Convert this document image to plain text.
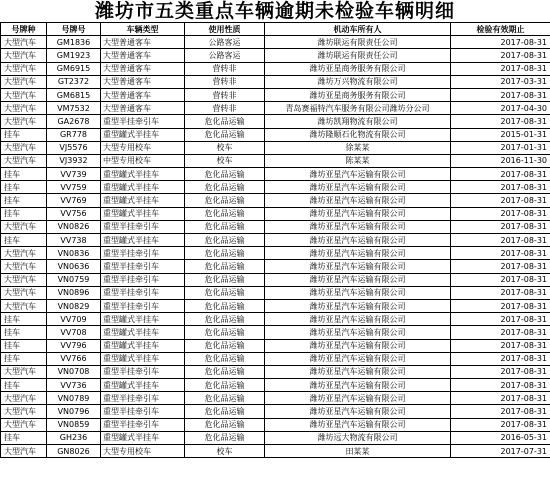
潍坊市五类重点车辆逾期未检验车辆明细
号牌种	号牌号	车辆类型	使用性质	机动车所有人	检验有效期止
大型汽车	GM1836	大型普通客车	公路客运	潍坊联运有限责任公司	2017-08-31
大型汽车	GM1923	大型普通客车	公路客运	潍坊联运有限责任公司	2017-08-31
大型汽车	GM6915	大型普通客车	营转非	潍坊亚星商务服务有限公司	2017-08-31
大型汽车	GT2372	大型普通客车	营转非	潍坊万兴物流有限公司	2017-03-31
大型汽车	GM6815	大型普通客车	营转非	潍坊亚星商务服务有限公司	2017-08-31
大型汽车	VM7532	大型普通客车	营转非	青岛赛福特汽车服务有限公司潍坊分公司	2017-04-30
大型汽车	GA2678	重型半挂牵引车	危化品运输	潍坊凯翔物流有限公司	2017-08-31
挂车	GR778	重型罐式半挂车	危化品运输	潍坊隆顺石化物流有限公司	2015-01-31
大型汽车	VJ5576	大型专用校车	校车	徐某某	2017-01-31
大型汽车	VJ3932	中型专用校车	校车	陈某某	2016-11-30
挂车	VV739	重型罐式半挂车	危化品运输	潍坊亚星汽车运输有限公司	2017-08-31
挂车	VV759	重型罐式半挂车	危化品运输	潍坊亚星汽车运输有限公司	2017-08-31
挂车	VV769	重型罐式半挂车	危化品运输	潍坊亚星汽车运输有限公司	2017-08-31
挂车	VV756	重型罐式半挂车	危化品运输	潍坊亚星汽车运输有限公司	2017-08-31
大型汽车	VN0826	重型半挂牵引车	危化品运输	潍坊亚星汽车运输有限公司	2017-08-31
挂车	VV738	重型罐式半挂车	危化品运输	潍坊亚星汽车运输有限公司	2017-08-31
大型汽车	VN0836	重型半挂牵引车	危化品运输	潍坊亚星汽车运输有限公司	2017-08-31
大型汽车	VN0636	重型半挂牵引车	危化品运输	潍坊亚星汽车运输有限公司	2017-08-31
大型汽车	VN0759	重型半挂牵引车	危化品运输	潍坊亚星汽车运输有限公司	2017-08-31
大型汽车	VN0896	重型半挂牵引车	危化品运输	潍坊亚星汽车运输有限公司	2017-08-31
大型汽车	VN0829	重型半挂牵引车	危化品运输	潍坊亚星汽车运输有限公司	2017-08-31
挂车	VV709	重型罐式半挂车	危化品运输	潍坊亚星汽车运输有限公司	2017-08-31
挂车	VV708	重型罐式半挂车	危化品运输	潍坊亚星汽车运输有限公司	2017-08-31
挂车	VV796	重型罐式半挂车	危化品运输	潍坊亚星汽车运输有限公司	2017-08-31
挂车	VV766	重型罐式半挂车	危化品运输	潍坊亚星汽车运输有限公司	2017-08-31
大型汽车	VN0708	重型半挂牵引车	危化品运输	潍坊亚星汽车运输有限公司	2017-08-31
挂车	VV736	重型罐式半挂车	危化品运输	潍坊亚星汽车运输有限公司	2017-08-31
大型汽车	VN0789	重型半挂牵引车	危化品运输	潍坊亚星汽车运输有限公司	2017-08-31
大型汽车	VN0796	重型半挂牵引车	危化品运输	潍坊亚星汽车运输有限公司	2017-08-31
大型汽车	VN0859	重型半挂牵引车	危化品运输	潍坊亚星汽车运输有限公司	2017-08-31
挂车	GH236	重型罐式半挂车	危化品运输	潍坊远大物流有限公司	2016-05-31
大型汽车	GN8026	大型专用校车	校车	田某某	2017-07-31
